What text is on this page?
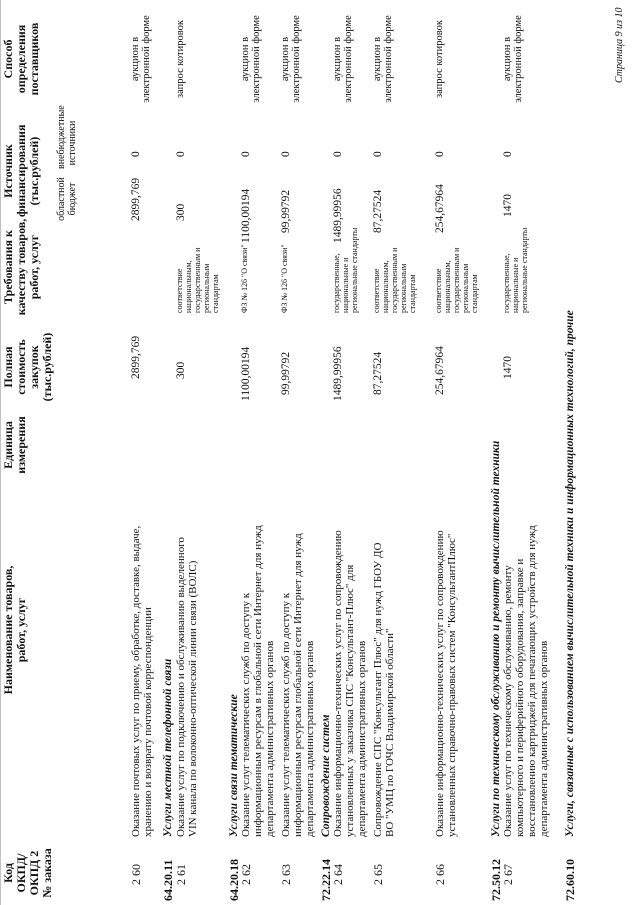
Код ОКПД/ ОКПД 2 № заказа
Наименование товаров, работ, услуг
Единица измерения
Полная стоимость закупок (тыс.рублей)
Требования к качеству товаров, работ, услуг
Источник финансирования (тыс.рублей) областной бюджет
внебюджетные источники
Способ определения поставщиков
2 60
Оказание почтовых услуг по приему, обработке, доставке, выдаче, хранению и возврату почтовой корреспонденции
2899,769
2899,769
0
аукцион в электронной форме
64.20.11
Услуги местной телефонной связи
2 61
Оказание услуг по подключению и обслуживанию выделенного VIN канала по волоконно-оптической линии связи (ВОЛС)
300
соответствие национальным, государственным и региональным стандартам
300
0
запрос котировок
64.20.18
Услуги связи тематические
2 62
Оказание услуг телематических служб по доступу к информационным ресурсам в глобальной сети Интернет для нужд департамента административных органов
1100,00194
ФЗ № 126 "О связи"
1100,00194
0
аукцион в электронной форме
2 63
Оказание услуг телематических служб по доступу к информационным ресурсам глобальной сети Интернет для нужд департамента административных органов
99,99792
ФЗ № 126 "О связи"
99,99792
0
аукцион в электронной форме
72.22.14
Сопровождение систем
2 64
Оказание информационно-технических услуг по сопровождению установленных у заказчика СПС "Консультант-Плюс" для департамента административных органов
1489,99956
государственные, национальные и региональные стандарты
1489,99956
0
аукцион в электронной форме
2 65
Сопровождение СПС "Консультант Плюс" для нужд ГБОУ ДО ВО "УМЦ по ГОЧС Владимирской области"
87,27524
соответствие национальным, государственным и региональным стандартам
87,27524
0
аукцион в электронной форме
2 66
Оказание информационно-технических услуг по сопровождению установленных справочно-правовых систем "КонсультантПлюс"
254,67964
соответствие национальным, государственным и региональным стандартам
254,67964
0
запрос котировок
72.50.12
Услуги по техническому обслуживанию и ремонту вычислительной техники
2 67
Оказание услуг по техническому обслуживанию, ремонту компьютерного и периферийного оборудования, заправке и восстановлению картриджей для печатающих устройств для нужд департамента административных органов
1470
государственные, национальные и региональные стандарты
1470
0
аукцион в электронной форме
72.60.10
Услуги, связанные с использованием вычислительной техники и информационных технологий, прочие
Страница 9 из 10
